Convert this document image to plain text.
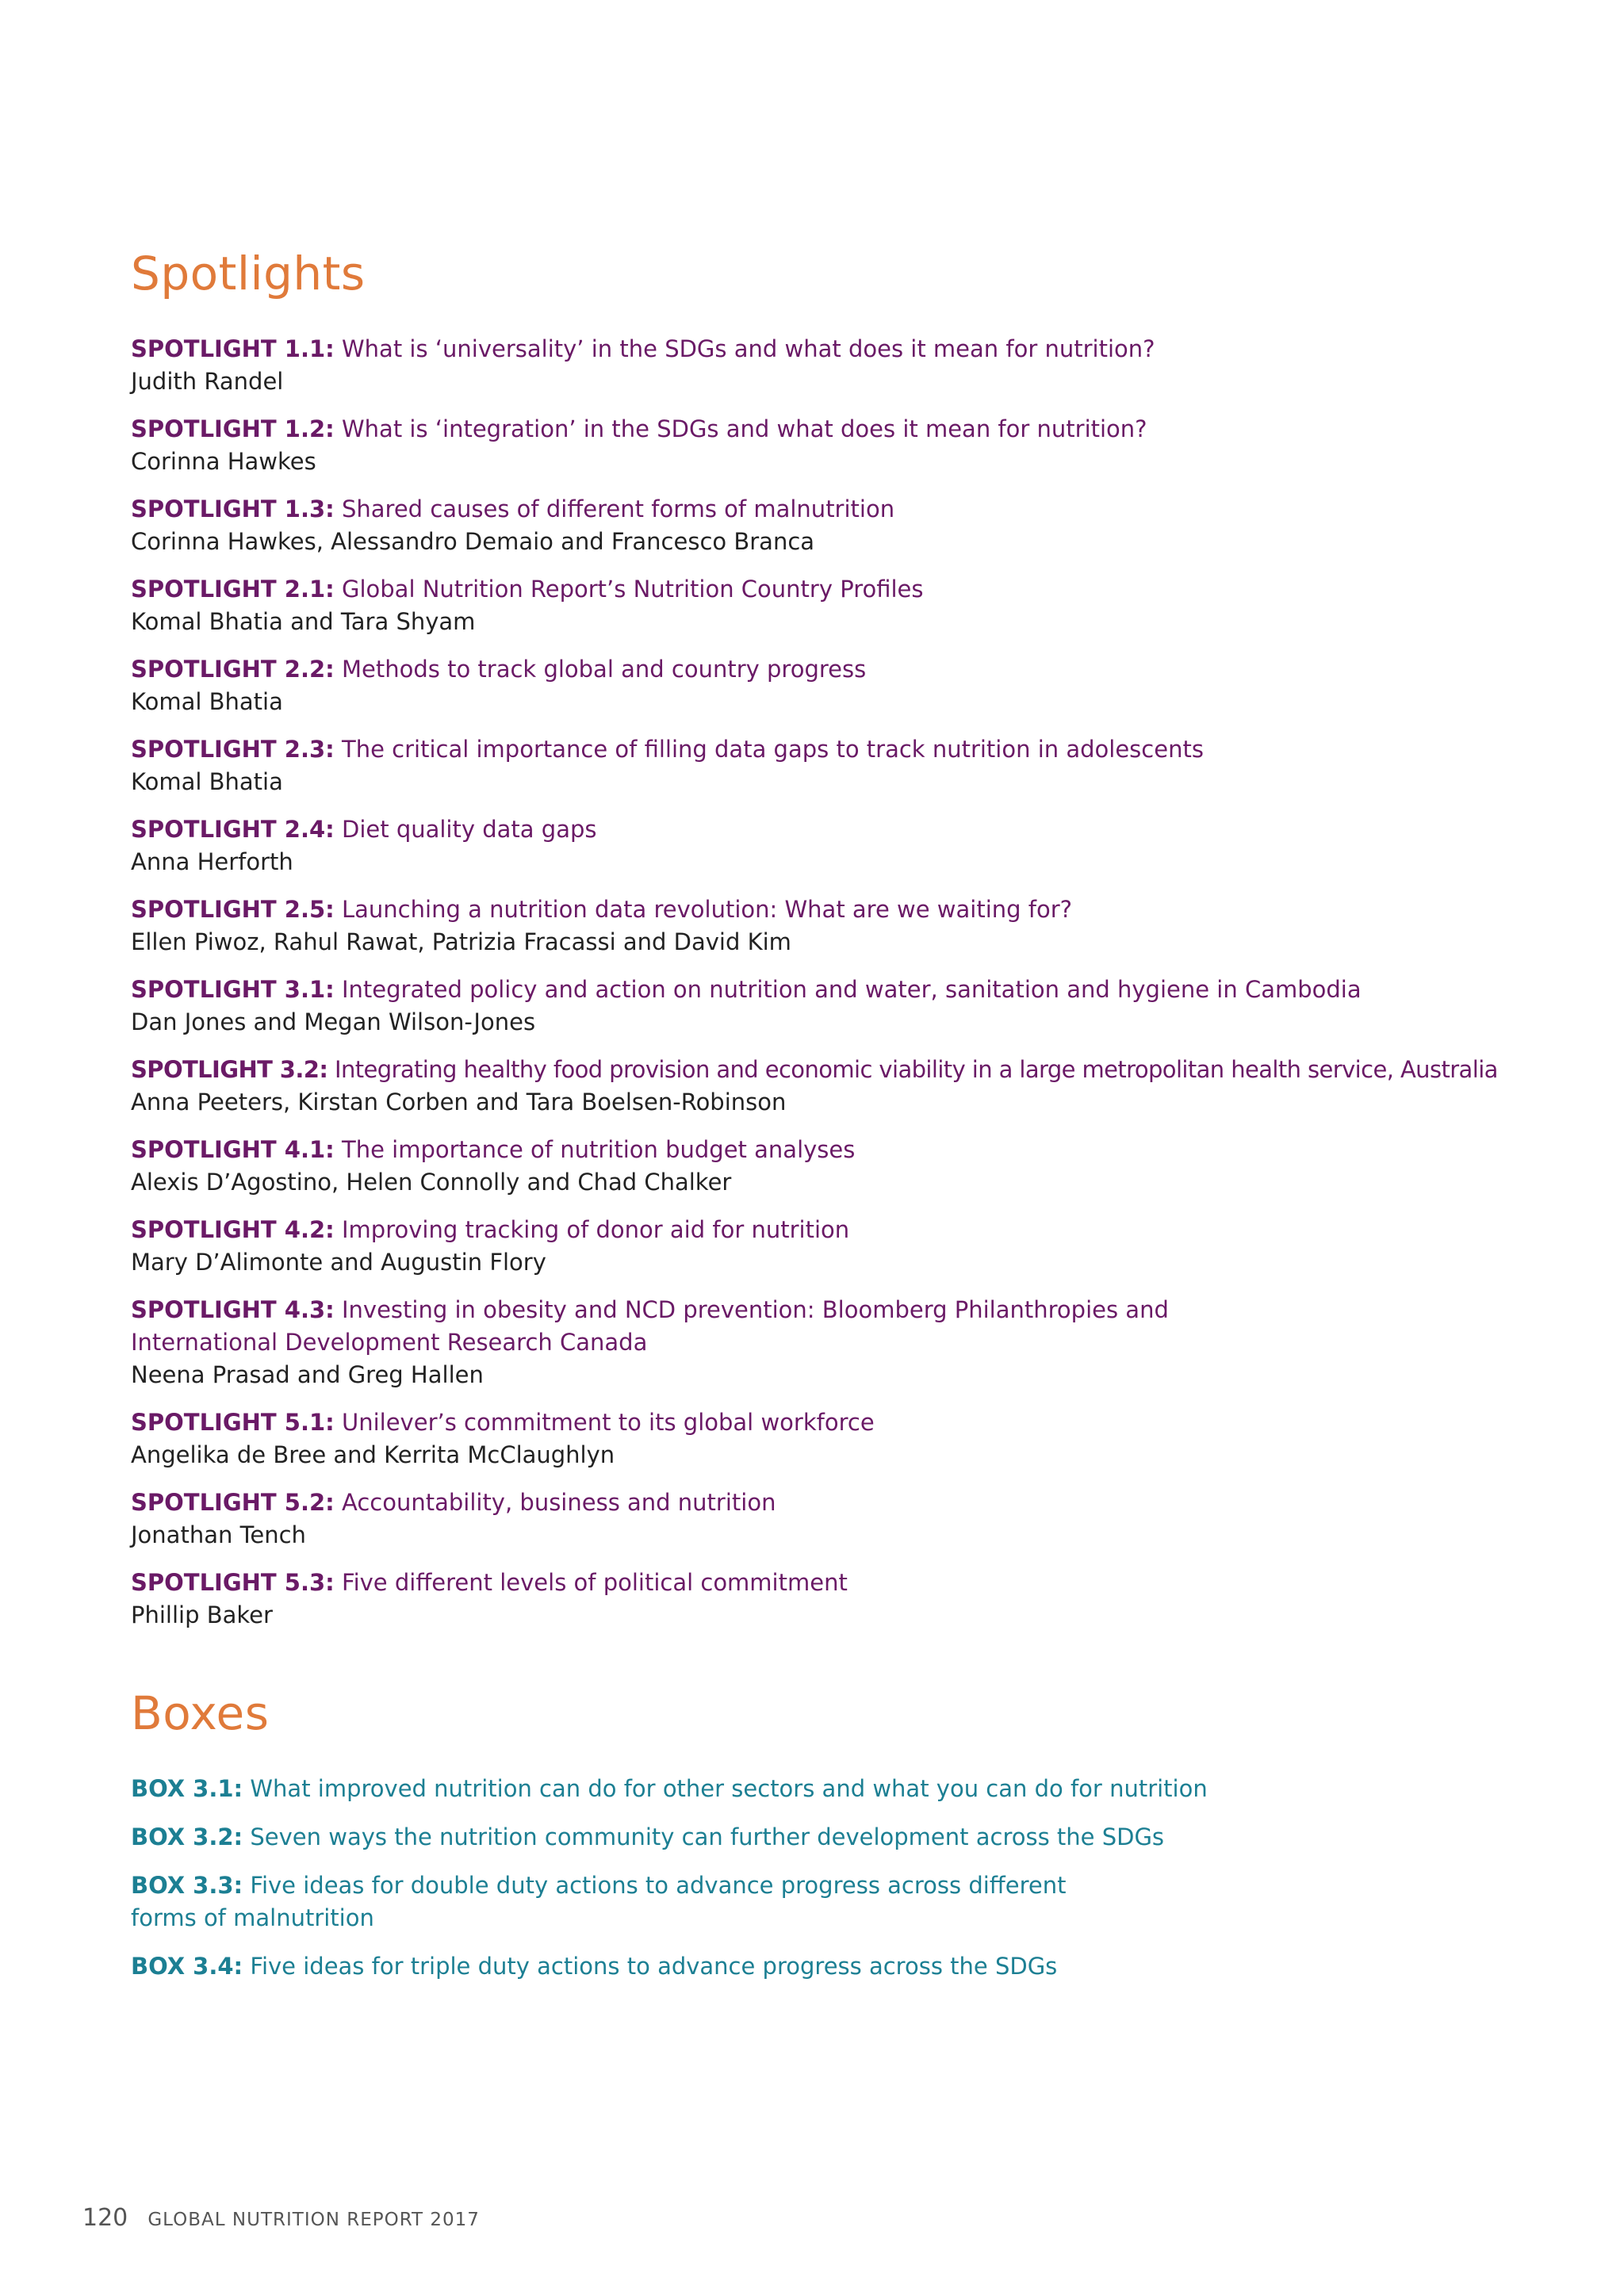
Spotlights
SPOTLIGHT 1.1: What is ‘universality’ in the SDGs and what does it mean for nutrition?
Judith Randel
SPOTLIGHT 1.2: What is ‘integration’ in the SDGs and what does it mean for nutrition?
Corinna Hawkes
SPOTLIGHT 1.3: Shared causes of different forms of malnutrition
Corinna Hawkes, Alessandro Demaio and Francesco Branca
SPOTLIGHT 2.1: Global Nutrition Report’s Nutrition Country Profiles
Komal Bhatia and Tara Shyam
SPOTLIGHT 2.2: Methods to track global and country progress
Komal Bhatia
SPOTLIGHT 2.3: The critical importance of filling data gaps to track nutrition in adolescents
Komal Bhatia
SPOTLIGHT 2.4: Diet quality data gaps
Anna Herforth
SPOTLIGHT 2.5: Launching a nutrition data revolution: What are we waiting for?
Ellen Piwoz, Rahul Rawat, Patrizia Fracassi and David Kim
SPOTLIGHT 3.1: Integrated policy and action on nutrition and water, sanitation and hygiene in Cambodia
Dan Jones and Megan Wilson-Jones
SPOTLIGHT 3.2: Integrating healthy food provision and economic viability in a large metropolitan health service, Australia
Anna Peeters, Kirstan Corben and Tara Boelsen-Robinson
SPOTLIGHT 4.1: The importance of nutrition budget analyses
Alexis D’Agostino, Helen Connolly and Chad Chalker
SPOTLIGHT 4.2: Improving tracking of donor aid for nutrition
Mary D’Alimonte and Augustin Flory
SPOTLIGHT 4.3: Investing in obesity and NCD prevention: Bloomberg Philanthropies and International Development Research Canada
Neena Prasad and Greg Hallen
SPOTLIGHT 5.1: Unilever’s commitment to its global workforce
Angelika de Bree and Kerrita McClaughlyn
SPOTLIGHT 5.2: Accountability, business and nutrition
Jonathan Tench
SPOTLIGHT 5.3: Five different levels of political commitment
Phillip Baker
Boxes
BOX 3.1: What improved nutrition can do for other sectors and what you can do for nutrition
BOX 3.2: Seven ways the nutrition community can further development across the SDGs
BOX 3.3: Five ideas for double duty actions to advance progress across different forms of malnutrition
BOX 3.4: Five ideas for triple duty actions to advance progress across the SDGs
120 GLOBAL NUTRITION REPORT 2017
